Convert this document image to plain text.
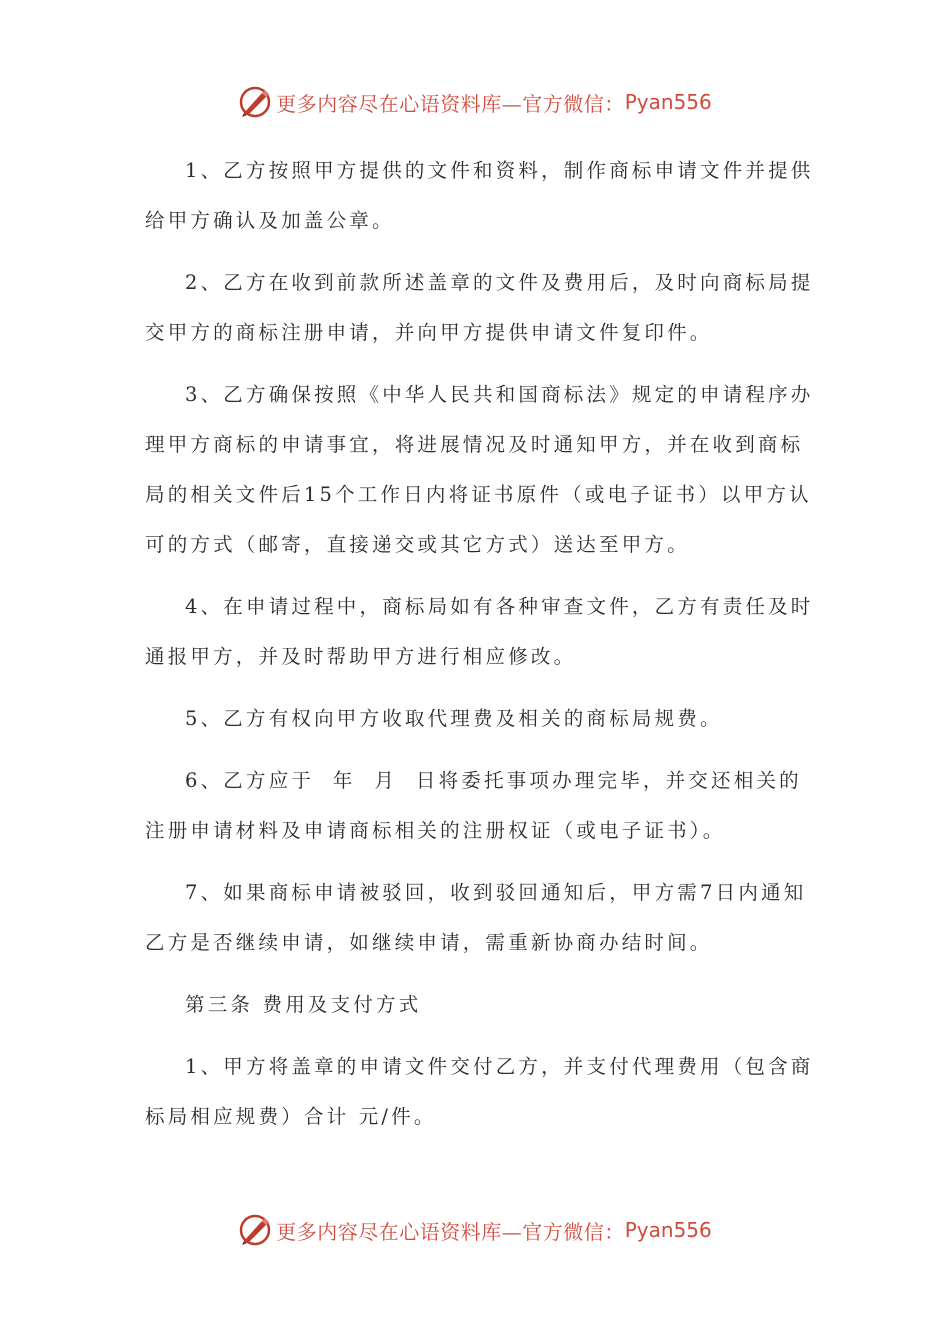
更多内容尽在心语资料库—官方微信： Pyan556

1、乙方按照甲方提供的文件和资料，制作商标申请文件并提供给甲方确认及加盖公章。

2、乙方在收到前款所述盖章的文件及费用后，及时向商标局提交甲方的商标注册申请，并向甲方提供申请文件复印件。

3、乙方确保按照《中华人民共和国商标法》规定的申请程序办理甲方商标的申请事宜，将进展情况及时通知甲方，并在收到商标局的相关文件后15个工作日内将证书原件（或电子证书）以甲方认可的方式（邮寄，直接递交或其它方式）送达至甲方。

4、在申请过程中，商标局如有各种审查文件，乙方有责任及时通报甲方，并及时帮助甲方进行相应修改。

5、乙方有权向甲方收取代理费及相关的商标局规费。

6、乙方应于  年  月  日将委托事项办理完毕，并交还相关的注册申请材料及申请商标相关的注册权证（或电子证书）。

7、如果商标申请被驳回，收到驳回通知后，甲方需7日内通知乙方是否继续申请，如继续申请，需重新协商办结时间。

第三条 费用及支付方式

1、甲方将盖章的申请文件交付乙方，并支付代理费用（包含商标局相应规费）合计 元/件。

更多内容尽在心语资料库—官方微信： Pyan556
